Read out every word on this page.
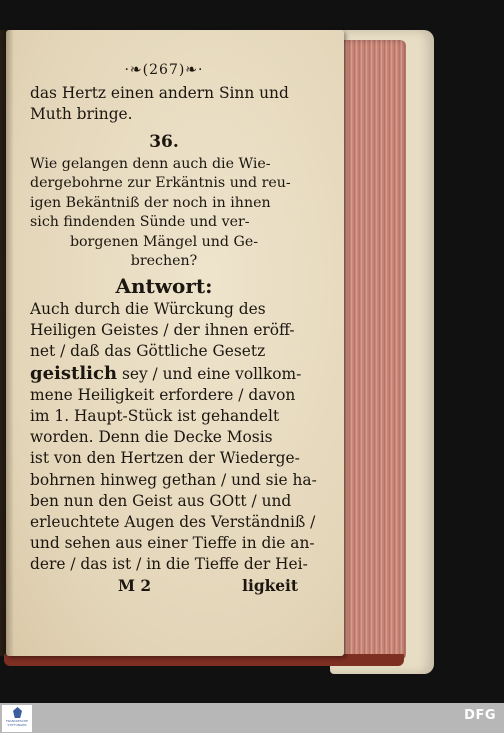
·❧(267)❧·
das Hertz einen andern Sinn und
Muth bringe.
36.
Wie gelangen denn auch die Wie-
dergebohrne zur Erkäntnis und reu-
igen Bekäntniß der noch in ihnen
sich findenden Sünde und ver-
borgenen Mängel und Ge-
brechen?
Antwort:
Auch durch die Würckung des
Heiligen Geistes / der ihnen eröff-
net / daß das Göttliche Gesetz
geistlich sey / und eine vollkom-
mene Heiligkeit erfordere / davon
im 1. Haupt-Stück ist gehandelt
worden. Denn die Decke Mosis
ist von den Hertzen der Wiederge-
bohrnen hinweg gethan / und sie ha-
ben nun den Geist aus GOtt / und
erleuchtete Augen des Verständniß /
und sehen aus einer Tieffe in die an-
dere / das ist / in die Tieffe der Hei-
M 2	ligkeit
FRANCKESCHE STIFTUNGEN
DFG
